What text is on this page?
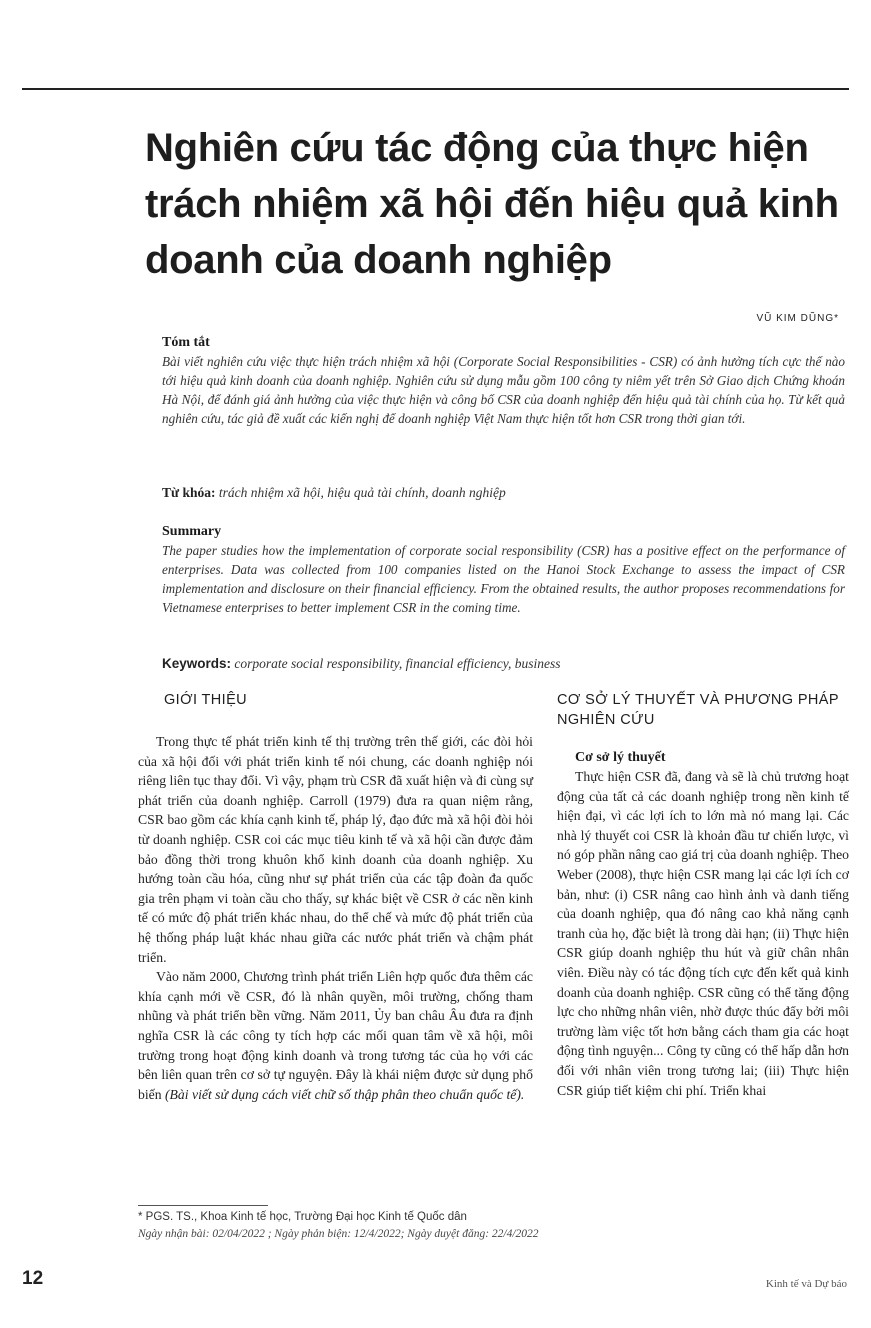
Nghiên cứu tác động của thực hiện trách nhiệm xã hội đến hiệu quả kinh doanh của doanh nghiệp
VŨ KIM DŨNG*

Tóm tắt

Bài viết nghiên cứu việc thực hiện trách nhiệm xã hội (Corporate Social Responsibilities - CSR) có ảnh hưởng tích cực thế nào tới hiệu quả kinh doanh của doanh nghiệp. Nghiên cứu sử dụng mẫu gồm 100 công ty niêm yết trên Sở Giao dịch Chứng khoán Hà Nội, để đánh giá ảnh hưởng của việc thực hiện và công bố CSR của doanh nghiệp đến hiệu quả tài chính của họ. Từ kết quả nghiên cứu, tác giả đề xuất các kiến nghị để doanh nghiệp Việt Nam thực hiện tốt hơn CSR trong thời gian tới.

Từ khóa: trách nhiệm xã hội, hiệu quả tài chính, doanh nghiệp

Summary

The paper studies how the implementation of corporate social responsibility (CSR) has a positive effect on the performance of enterprises. Data was collected from 100 companies listed on the Hanoi Stock Exchange to assess the impact of CSR implementation and disclosure on their financial efficiency. From the obtained results, the author proposes recommendations for Vietnamese enterprises to better implement CSR in the coming time.

Keywords: corporate social responsibility, financial efficiency, business

GIỚI THIỆU

Trong thực tế phát triển kinh tế thị trường trên thế giới, các đòi hỏi của xã hội đối với phát triển kinh tế nói chung, các doanh nghiệp nói riêng liên tục thay đổi. Vì vậy, phạm trù CSR đã xuất hiện và đi cùng sự phát triển của doanh nghiệp. Carroll (1979) đưa ra quan niệm rằng, CSR bao gồm các khía cạnh kinh tế, pháp lý, đạo đức mà xã hội đòi hỏi từ doanh nghiệp. CSR coi các mục tiêu kinh tế và xã hội cần được đảm bảo đồng thời trong khuôn khổ kinh doanh của doanh nghiệp. Xu hướng toàn cầu hóa, cũng như sự phát triển của các tập đoàn đa quốc gia trên phạm vi toàn cầu cho thấy, sự khác biệt về CSR ở các nền kinh tế có mức độ phát triển khác nhau, do thể chế và mức độ phát triển của hệ thống pháp luật khác nhau giữa các nước phát triển và chậm phát triển.

Vào năm 2000, Chương trình phát triển Liên hợp quốc đưa thêm các khía cạnh mới về CSR, đó là nhân quyền, môi trường, chống tham nhũng và phát triển bền vững. Năm 2011, Ủy ban châu Âu đưa ra định nghĩa CSR là các công ty tích hợp các mối quan tâm về xã hội, môi trường trong hoạt động kinh doanh và trong tương tác của họ với các bên liên quan trên cơ sở tự nguyện. Đây là khái niệm được sử dụng phổ biến (Bài viết sử dụng cách viết chữ số thập phân theo chuẩn quốc tế).

CƠ SỞ LÝ THUYẾT VÀ PHƯƠNG PHÁP NGHIÊN CỨU

Cơ sở lý thuyết

Thực hiện CSR đã, đang và sẽ là chủ trương hoạt động của tất cả các doanh nghiệp trong nền kinh tế hiện đại, vì các lợi ích to lớn mà nó mang lại. Các nhà lý thuyết coi CSR là khoản đầu tư chiến lược, vì nó góp phần nâng cao giá trị của doanh nghiệp. Theo Weber (2008), thực hiện CSR mang lại các lợi ích cơ bản, như: (i) CSR nâng cao hình ảnh và danh tiếng của doanh nghiệp, qua đó nâng cao khả năng cạnh tranh của họ, đặc biệt là trong dài hạn; (ii) Thực hiện CSR giúp doanh nghiệp thu hút và giữ chân nhân viên. Điều này có tác động tích cực đến kết quả kinh doanh của doanh nghiệp. CSR cũng có thể tăng động lực cho những nhân viên, nhờ được thúc đẩy bởi môi trường làm việc tốt hơn bằng cách tham gia các hoạt động tình nguyện... Công ty cũng có thể hấp dẫn hơn đối với nhân viên trong tương lai; (iii) Thực hiện CSR giúp tiết kiệm chi phí. Triển khai

* PGS. TS., Khoa Kinh tế học, Trường Đại học Kinh tế Quốc dân
Ngày nhận bài: 02/04/2022 ; Ngày phản biện: 12/4/2022; Ngày duyệt đăng: 22/4/2022
12	Kinh tế và Dự báo
